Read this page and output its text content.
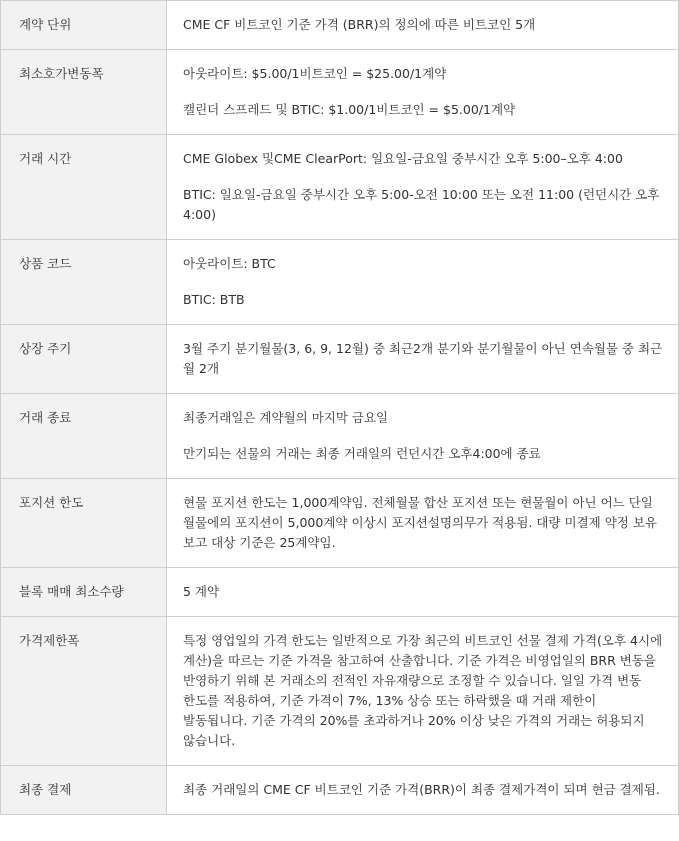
계약 단위	CME CF 비트코인 기준 가격 (BRR)의 정의에 따른 비트코인 5개

최소호가변동폭	아웃라이트: $5.00/1비트코인 = $25.00/1계약
캘린더 스프레드 및 BTIC: $1.00/1비트코인 = $5.00/1계약

거래 시간	CME Globex 및CME ClearPort: 일요일-금요일 중부시간 오후 5:00–오후 4:00
BTIC: 일요일-금요일 중부시간 오후 5:00-오전 10:00 또는 오전 11:00 (런던시간 오후 4:00)

상품 코드	아웃라이트: BTC
BTIC: BTB

상장 주기	3월 주기 분기월물(3, 6, 9, 12월) 중 최근2개 분기와 분기월물이 아닌 연속월물 중 최근 월 2개

거래 종료	최종거래일은 계약월의 마지막 금요일
만기되는 선물의 거래는 최종 거래일의 런던시간 오후4:00에 종료

포지션 한도	현물 포지션 한도는 1,000계약임. 전체월물 합산 포지션 또는 현물월이 아닌 어느 단일 월물에의 포지션이 5,000계약 이상시 포지션설명의무가 적용됨. 대량 미결제 약정 보유 보고 대상 기준은 25계약임.

블록 매매 최소수량	5 계약

가격제한폭	특정 영업일의 가격 한도는 일반적으로 가장 최근의 비트코인 선물 결제 가격(오후 4시에 계산)을 따르는 기준 가격을 참고하여 산출합니다. 기준 가격은 비영업일의 BRR 변동을 반영하기 위해 본 거래소의 전적인 자유재량으로 조정할 수 있습니다. 일일 가격 변동 한도를 적용하여, 기준 가격이 7%, 13% 상승 또는 하락했을 때 거래 제한이 발동됩니다. 기준 가격의 20%를 초과하거나 20% 이상 낮은 가격의 거래는 허용되지 않습니다.

최종 결제	최종 거래일의 CME CF 비트코인 기준 가격(BRR)이 최종 결제가격이 되며 현금 결제됨.
